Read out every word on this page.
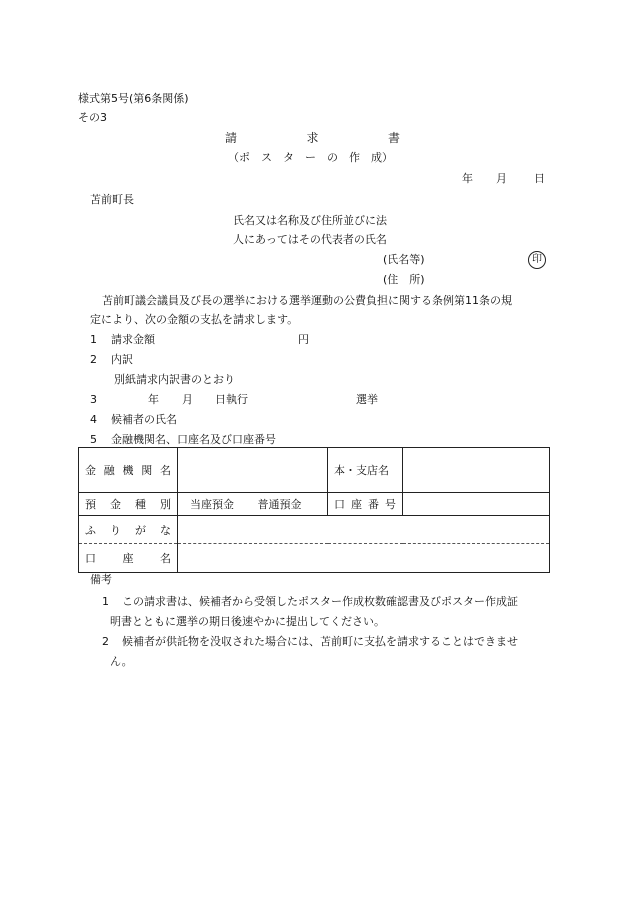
様式第5号(第6条関係)
その3
請	求	書
（ポ　ス　タ　ー　の　作　成）
年 月 日
苫前町長
氏名又は名称及び住所並びに法
人にあってはその代表者の氏名
(氏名等)	印
(住　所)
苫前町議会議員及び長の選挙における選挙運動の公費負担に関する条例第11条の規
定により、次の金額の支払を請求します。
1 請求金額	円
2 内訳
別紙請求内訳書のとおり
3	年 月 日執行	選挙
4 候補者の氏名
5 金融機関名、口座名及び口座番号
金 融 機 関 名		本・支店名	

預 金 種 別	当座預金 普通預金	口 座 番 号	

ふ り が な			

口 座 名			

備考
1 この請求書は、候補者から受領したポスター作成枚数確認書及びポスター作成証
明書とともに選挙の期日後速やかに提出してください。
2 候補者が供託物を没収された場合には、苫前町に支払を請求することはできませ
ん。
